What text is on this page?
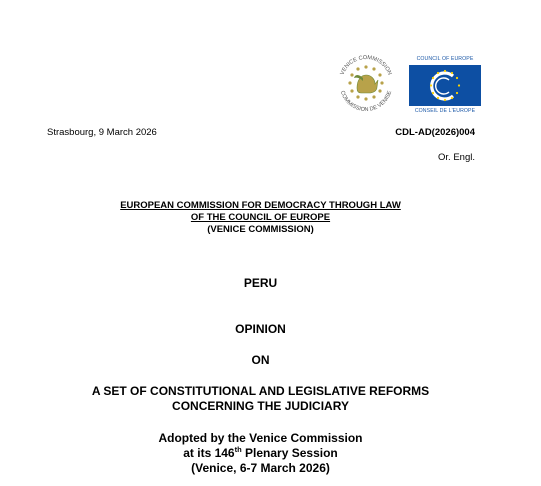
VENICE COMMISSION
COMMISSION DE VENISE
COUNCIL OF EUROPE
CONSEIL DE L'EUROPE
Strasbourg, 9 March 2026	CDL-AD(2026)004
Or. Engl.
EUROPEAN COMMISSION FOR DEMOCRACY THROUGH LAW
OF THE COUNCIL OF EUROPE
(VENICE COMMISSION)
PERU
OPINION
ON
A SET OF CONSTITUTIONAL AND LEGISLATIVE REFORMS
CONCERNING THE JUDICIARY
Adopted by the Venice Commission
at its 146th Plenary Session
(Venice, 6-7 March 2026)
